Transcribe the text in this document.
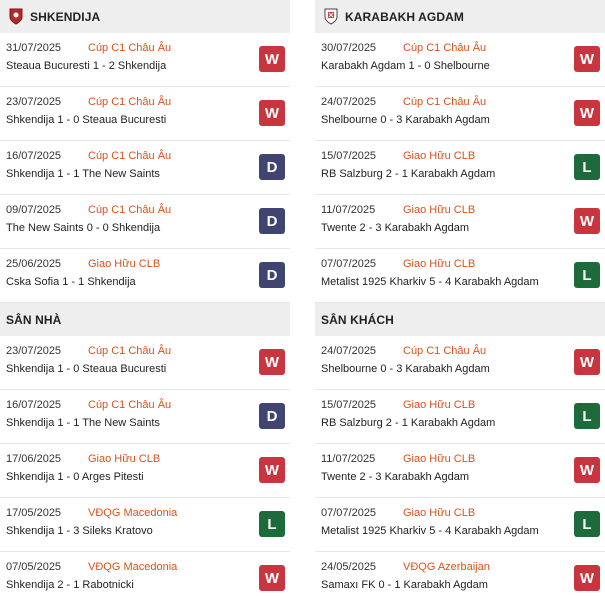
SHKENDIJA
31/07/2025 Cúp C1 Châu Âu
Steaua Bucuresti 1 - 2 Shkendija	W
23/07/2025 Cúp C1 Châu Âu
Shkendija 1 - 0 Steaua Bucuresti	W
16/07/2025 Cúp C1 Châu Âu
Shkendija 1 - 1 The New Saints	D
09/07/2025 Cúp C1 Châu Âu
The New Saints 0 - 0 Shkendija	D
25/06/2025 Giao Hữu CLB
Cska Sofia 1 - 1 Shkendija	D
SÂN NHÀ
23/07/2025 Cúp C1 Châu Âu
Shkendija 1 - 0 Steaua Bucuresti	W
16/07/2025 Cúp C1 Châu Âu
Shkendija 1 - 1 The New Saints	D
17/06/2025 Giao Hữu CLB
Shkendija 1 - 0 Arges Pitesti	W
17/05/2025 VĐQG Macedonia
Shkendija 1 - 3 Sileks Kratovo	L
07/05/2025 VĐQG Macedonia
Shkendija 2 - 1 Rabotnicki	W
KARABAKH AGDAM
30/07/2025 Cúp C1 Châu Âu
Karabakh Agdam 1 - 0 Shelbourne	W
24/07/2025 Cúp C1 Châu Âu
Shelbourne 0 - 3 Karabakh Agdam	W
15/07/2025 Giao Hữu CLB
RB Salzburg 2 - 1 Karabakh Agdam	L
11/07/2025	Giao Hữu CLB
Twente 2 - 3 Karabakh Agdam	W
07/07/2025 Giao Hữu CLB
Metalist 1925 Kharkiv 5 - 4 Karabakh Agdam	L
SÂN KHÁCH
24/07/2025 Cúp C1 Châu Âu
Shelbourne 0 - 3 Karabakh Agdam	W
15/07/2025 Giao Hữu CLB
RB Salzburg 2 - 1 Karabakh Agdam	L
11/07/2025	Giao Hữu CLB
Twente 2 - 3 Karabakh Agdam	W
07/07/2025 Giao Hữu CLB
Metalist 1925 Kharkiv 5 - 4 Karabakh Agdam	L
24/05/2025 VĐQG Azerbaijan
Samaxı FK 0 - 1 Karabakh Agdam	W
